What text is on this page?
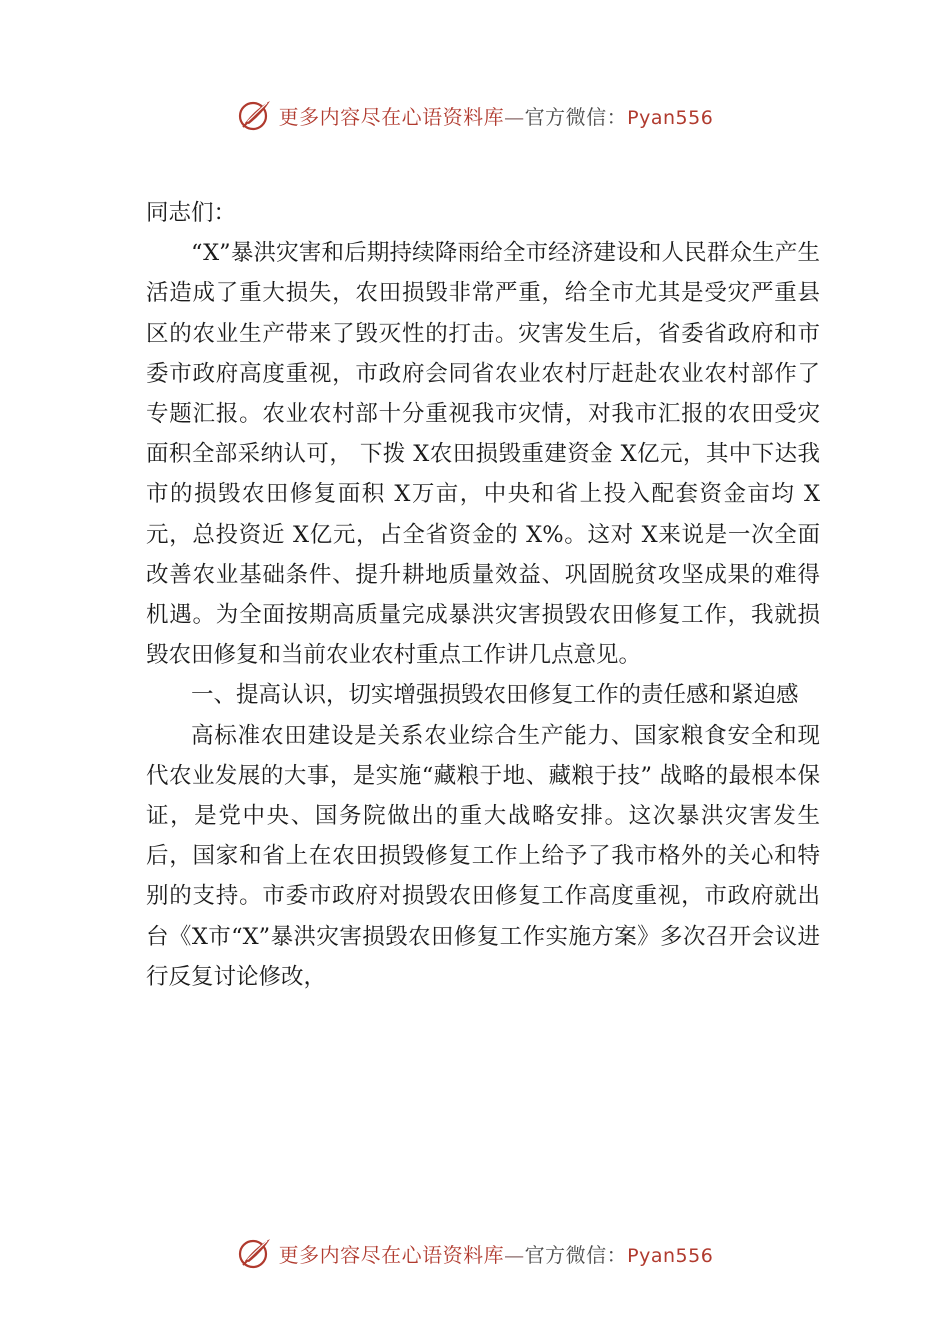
更多内容尽在心语资料库—官方微信：Pyan556

同志们：

“X”暴洪灾害和后期持续降雨给全市经济建设和人民群众生产生活造成了重大损失，农田损毁非常严重，给全市尤其是受灾严重县区的农业生产带来了毁灭性的打击。灾害发生后，省委省政府和市委市政府高度重视，市政府会同省农业农村厅赶赴农业农村部作了专题汇报。农业农村部十分重视我市灾情，对我市汇报的农田受灾面积全部采纳认可， 下拨 X农田损毁重建资金 X亿元，其中下达我市的损毁农田修复面积 X万亩，中央和省上投入配套资金亩均 X元，总投资近 X亿元，占全省资金的 X%。这对 X来说是一次全面改善农业基础条件、提升耕地质量效益、巩固脱贫攻坚成果的难得机遇。为全面按期高质量完成暴洪灾害损毁农田修复工作，我就损毁农田修复和当前农业农村重点工作讲几点意见。

一、提高认识，切实增强损毁农田修复工作的责任感和紧迫感

高标准农田建设是关系农业综合生产能力、国家粮食安全和现代农业发展的大事，是实施“藏粮于地、藏粮于技” 战略的最根本保证，是党中央、国务院做出的重大战略安排。这次暴洪灾害发生后，国家和省上在农田损毁修复工作上给予了我市格外的关心和特别的支持。市委市政府对损毁农田修复工作高度重视，市政府就出台《X市“X”暴洪灾害损毁农田修复工作实施方案》多次召开会议进行反复讨论修改，

更多内容尽在心语资料库—官方微信：Pyan556
